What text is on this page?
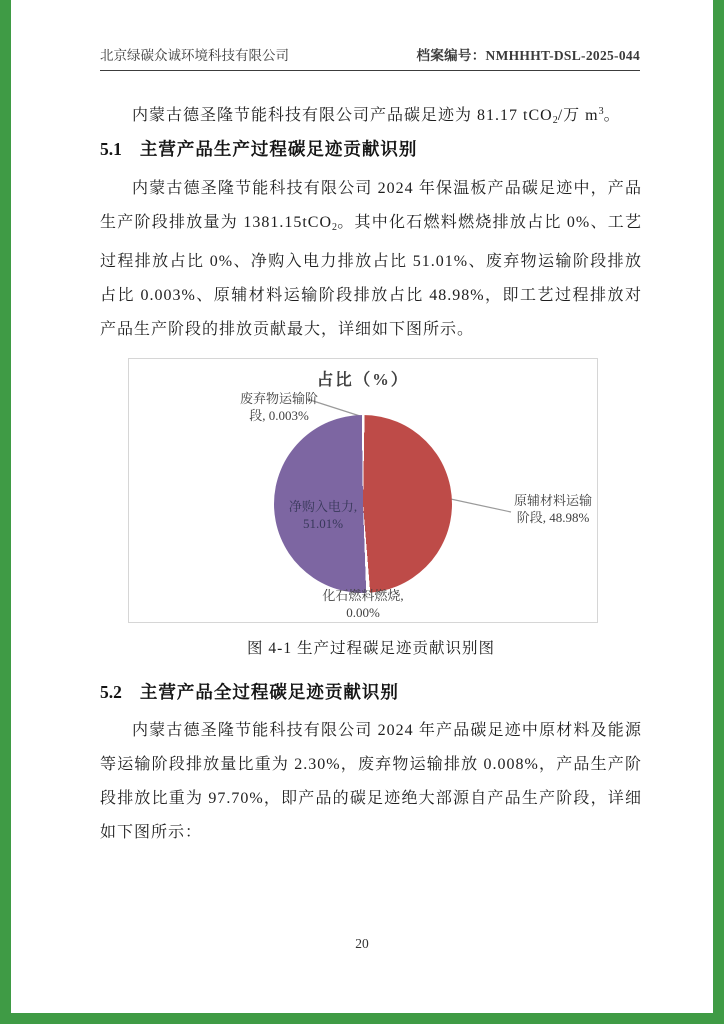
北京绿碳众诚环境科技有限公司	档案编号：NMHHHT-DSL-2025-044

内蒙古德圣隆节能科技有限公司产品碳足迹为 81.17 tCO$_2$/万 $m^3$。

5.1 主营产品生产过程碳足迹贡献识别

内蒙古德圣隆节能科技有限公司 2024 年保温板产品碳足迹中，产品生产阶段排放量为 1381.15tCO$_2$。其中化石燃料燃烧排放占比 0%、工艺过程排放占比 0%、净购入电力排放占比 51.01%、废弃物运输阶段排放占比 0.003%、原辅材料运输阶段排放占比 48.98%，即工艺过程排放对产品生产阶段的排放贡献最大，详细如下图所示。

占比（%）
废弃物运输阶
段, 0.003%
净购入电力,
51.01%
原辅材料运输
阶段, 48.98%
化石燃料燃烧,
0.00%
图 4-1 生产过程碳足迹贡献识别图
5.2 主营产品全过程碳足迹贡献识别

内蒙古德圣隆节能科技有限公司 2024 年产品碳足迹中原材料及能源等运输阶段排放量比重为 2.30%，废弃物运输排放 0.008%，产品生产阶段排放比重为 97.70%，即产品的碳足迹绝大部源自产品生产阶段，详细如下图所示：

20
